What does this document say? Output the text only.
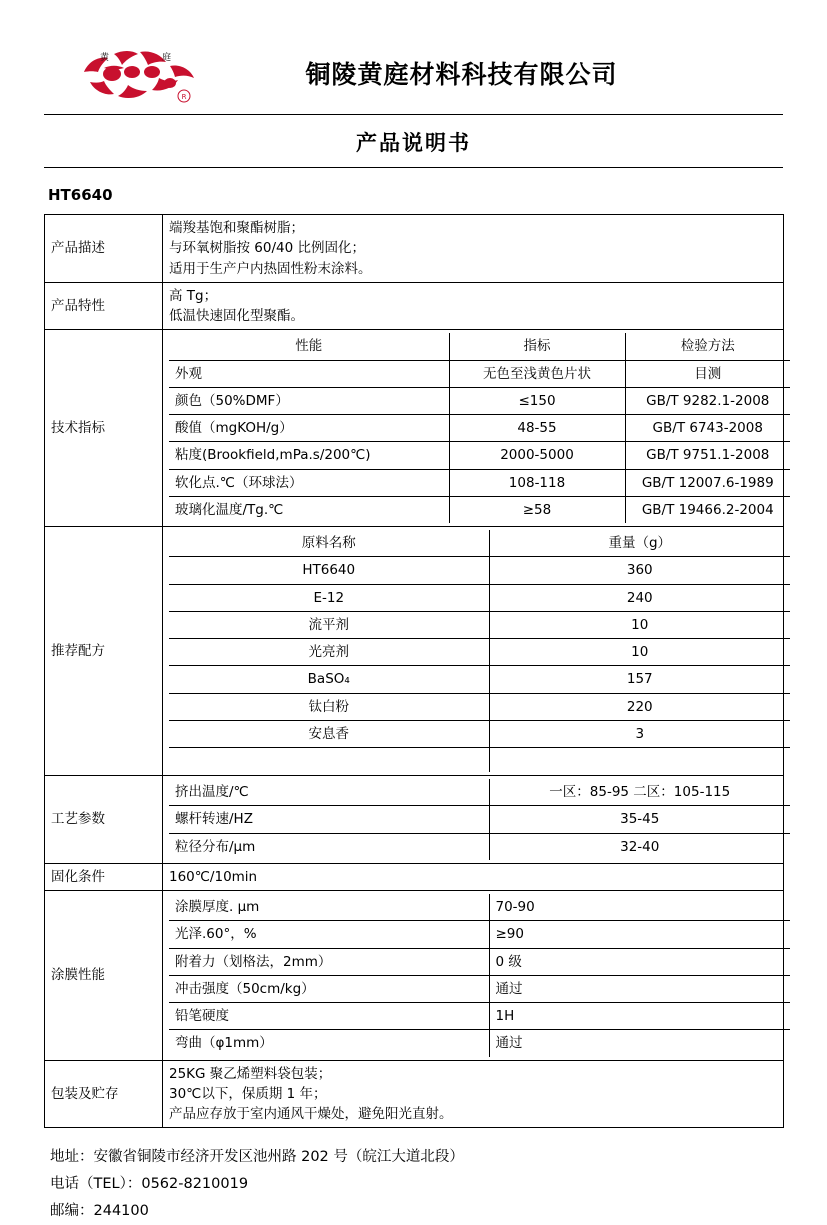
黄	庭
R
铜陵黄庭材料科技有限公司
产品说明书
HT6640
产品描述	
端羧基饱和聚酯树脂；
与环氧树脂按 60/40 比例固化；
适用于生产户内热固性粉末涂料。

产品特性	
高 Tg；
低温快速固化型聚酯。

技术指标	
性能	指标	检验方法
外观	无色至浅黄色片状	目测
颜色（50%DMF）	≤150	GB/T 9282.1-2008
酸值（mgKOH/g）	48-55	GB/T 6743-2008
粘度(Brookfield,mPa.s/200℃)	2000-5000	GB/T 9751.1-2008
软化点.℃（环球法）	108-118	GB/T 12007.6-1989
玻璃化温度/Tg.℃	≥58	GB/T 19466.2-2004

推荐配方	
原料名称	重量（g）
HT6640	360
E-12	240
流平剂	10
光亮剂	10
BaSO₄	157
钛白粉	220
安息香	3

工艺参数	
挤出温度/℃	一区：85-95 二区：105-115
螺杆转速/HZ	35-45
粒径分布/μm	32-40

固化条件	160℃/10min
涂膜性能	
涂膜厚度. μm	70-90
光泽.60°，%	≥90
附着力（划格法，2mm）	0 级
冲击强度（50cm/kg）	通过
铅笔硬度	1H
弯曲（φ1mm）	通过

包装及贮存	
25KG 聚乙烯塑料袋包装；
30℃以下，保质期 1 年；
产品应存放于室内通风干燥处，避免阳光直射。
地址：安徽省铜陵市经济开发区池州路 202 号（皖江大道北段）
电话（TEL）：0562-8210019
邮编：244100
